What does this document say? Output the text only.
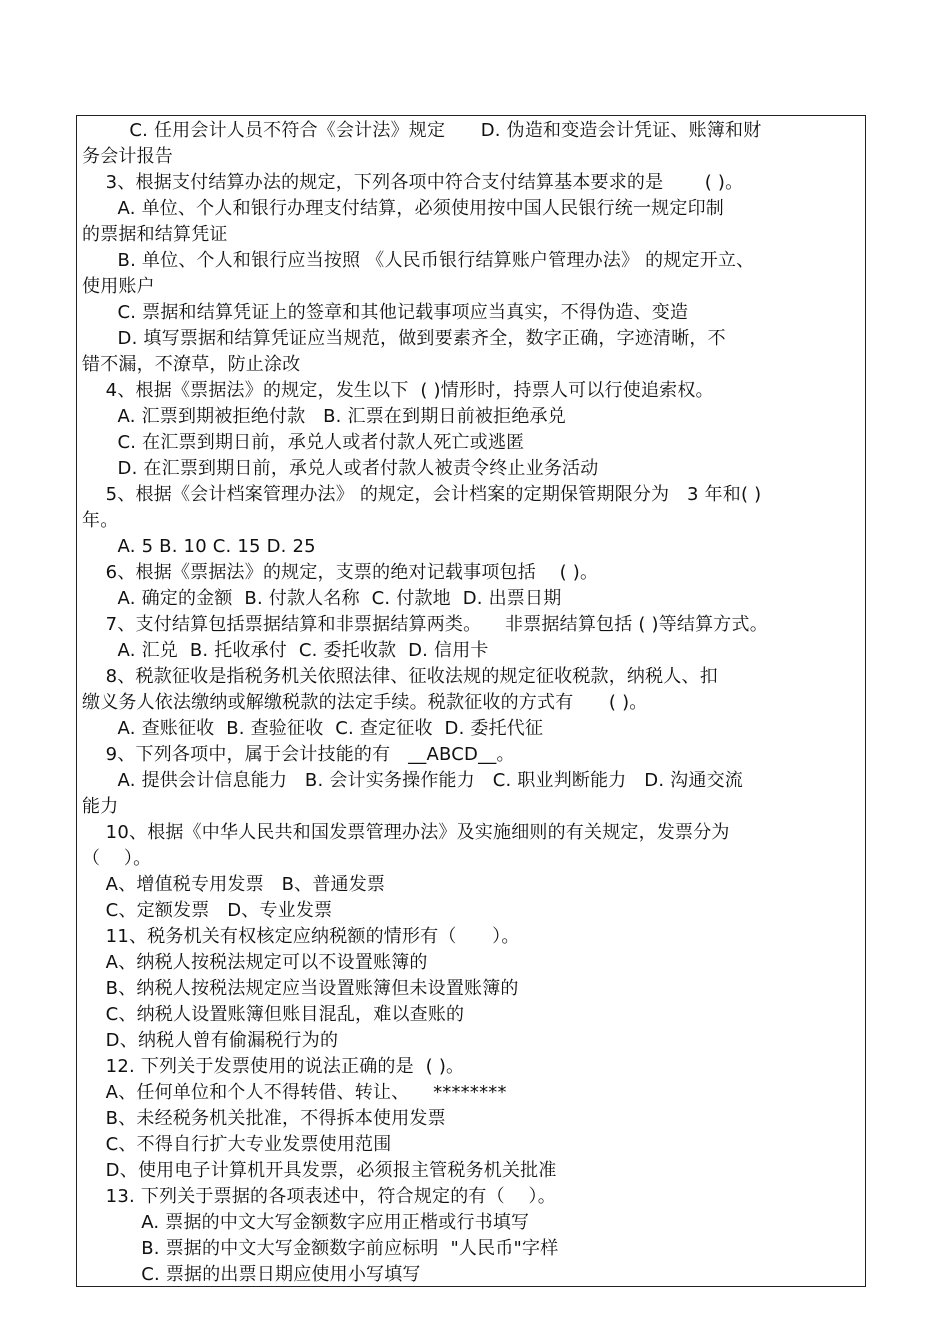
C. 任用会计人员不符合《会计法》规定      D. 伪造和变造会计凭证、账簿和财
务会计报告
3、根据支付结算办法的规定，下列各项中符合支付结算基本要求的是       ( )。
A. 单位、个人和银行办理支付结算，必须使用按中国人民银行统一规定印制
的票据和结算凭证
B. 单位、个人和银行应当按照 《人民币银行结算账户管理办法》 的规定开立、
使用账户
C. 票据和结算凭证上的签章和其他记载事项应当真实，不得伪造、变造
D. 填写票据和结算凭证应当规范，做到要素齐全，数字正确，字迹清晰，不
错不漏，不潦草，防止涂改
4、根据《票据法》的规定，发生以下  ( )情形时，持票人可以行使追索权。
A. 汇票到期被拒绝付款   B. 汇票在到期日前被拒绝承兑
C. 在汇票到期日前，承兑人或者付款人死亡或逃匿
D. 在汇票到期日前，承兑人或者付款人被责令终止业务活动
5、根据《会计档案管理办法》 的规定，会计档案的定期保管期限分为   3 年和( )
年。
A. 5 B. 10 C. 15 D. 25
6、根据《票据法》的规定，支票的绝对记载事项包括    ( )。
A. 确定的金额  B. 付款人名称  C. 付款地  D. 出票日期
7、支付结算包括票据结算和非票据结算两类。    非票据结算包括 ( )等结算方式。
A. 汇兑  B. 托收承付  C. 委托收款  D. 信用卡
8、税款征收是指税务机关依照法律、征收法规的规定征收税款，纳税人、扣
缴义务人依法缴纳或解缴税款的法定手续。税款征收的方式有      ( )。
A. 查账征收  B. 查验征收  C. 查定征收  D. 委托代征
9、下列各项中，属于会计技能的有   __ABCD__。
A. 提供会计信息能力   B. 会计实务操作能力   C. 职业判断能力   D. 沟通交流
能力
10、根据《中华人民共和国发票管理办法》及实施细则的有关规定，发票分为
（    ）。
A、增值税专用发票   B、普通发票
C、定额发票   D、专业发票
11、税务机关有权核定应纳税额的情形有（      ）。
A、纳税人按税法规定可以不设置账簿的
B、纳税人按税法规定应当设置账簿但未设置账簿的
C、纳税人设置账簿但账目混乱，难以查账的
D、纳税人曾有偷漏税行为的
12. 下列关于发票使用的说法正确的是  ( )。
A、任何单位和个人不得转借、转让、    ********
B、未经税务机关批准，不得拆本使用发票
C、不得自行扩大专业发票使用范围
D、使用电子计算机开具发票，必须报主管税务机关批准
13. 下列关于票据的各项表述中，符合规定的有（    ）。
A. 票据的中文大写金额数字应用正楷或行书填写
B. 票据的中文大写金额数字前应标明  "人民币"字样
C. 票据的出票日期应使用小写填写
